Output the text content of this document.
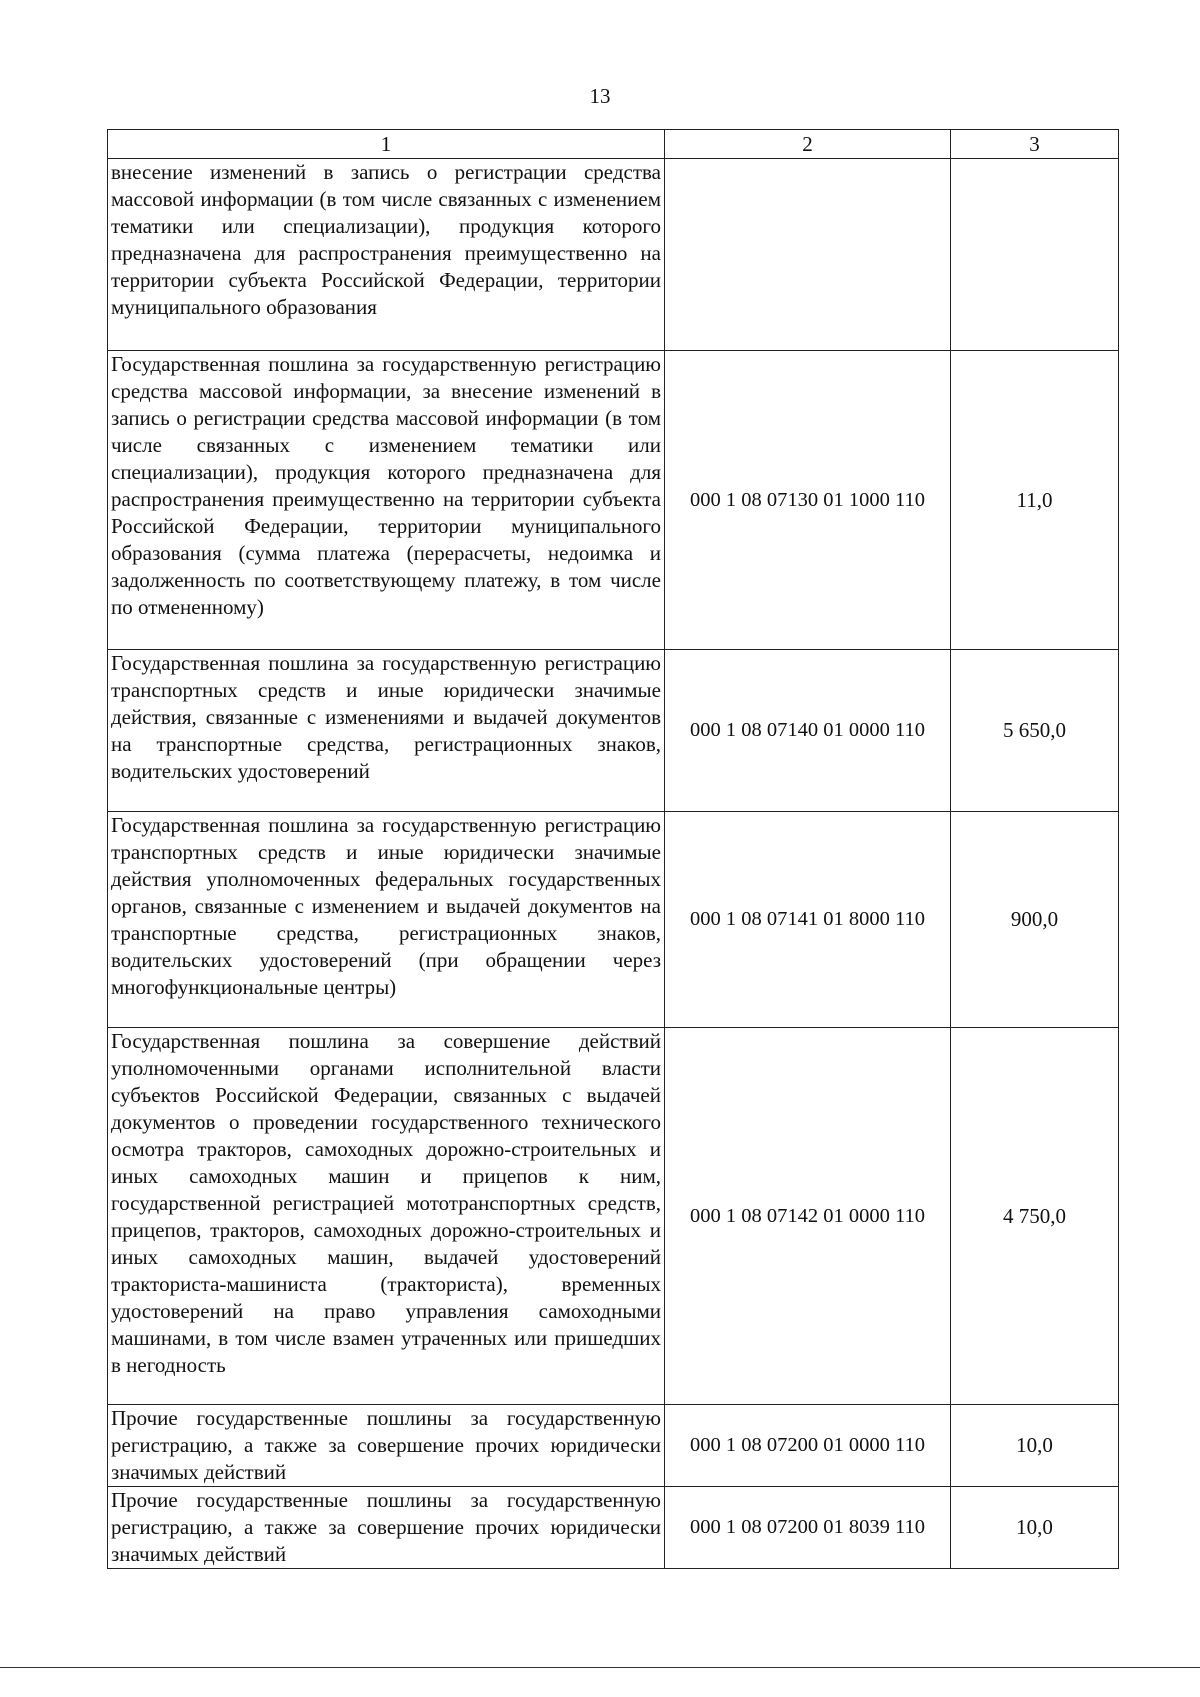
13
1	2	3
внесение изменений в запись о регистрации средства массовой информации (в том числе связанных с изменением тематики или специализации), продукция которого предназначена для распространения преимущественно на территории субъекта Российской Федерации, территории муниципального образования		
Государственная пошлина за государственную регистрацию средства массовой информации, за внесение изменений в запись о регистрации средства массовой информации (в том числе связанных с изменением тематики или специализации), продукция которого предназначена для распространения преимущественно на территории субъекта Российской Федерации, территории муниципального образования (сумма платежа (перерасчеты, недоимка и задолженность по соответствующему платежу, в том числе по отмененному)	000 1 08 07130 01 1000 110	11,0
Государственная пошлина за государственную регистрацию транспортных средств и иные юридически значимые действия, связанные с изменениями и выдачей документов на транспортные средства, регистрационных знаков, водительских удостоверений	000 1 08 07140 01 0000 110	5 650,0
Государственная пошлина за государственную регистрацию транспортных средств и иные юридически значимые действия уполномоченных федеральных государственных органов, связанные с изменением и выдачей документов на транспортные средства, регистрационных знаков, водительских удостоверений (при обращении через многофункциональные центры)	000 1 08 07141 01 8000 110	900,0
Государственная пошлина за совершение действий уполномоченными органами исполнительной власти субъектов Российской Федерации, связанных с выдачей документов о проведении государственного технического осмотра тракторов, самоходных дорожно-строительных и иных самоходных машин и прицепов к ним, государственной регистрацией мототранспортных средств, прицепов, тракторов, самоходных дорожно-строительных и иных самоходных машин, выдачей удостоверений тракториста-машиниста (тракториста), временных удостоверений на право управления самоходными машинами, в том числе взамен утраченных или пришедших в негодность	000 1 08 07142 01 0000 110	4 750,0
Прочие государственные пошлины за государственную регистрацию, а также за совершение прочих юридически значимых действий	000 1 08 07200 01 0000 110	10,0
Прочие государственные пошлины за государственную регистрацию, а также за совершение прочих юридически значимых действий	000 1 08 07200 01 8039 110	10,0
